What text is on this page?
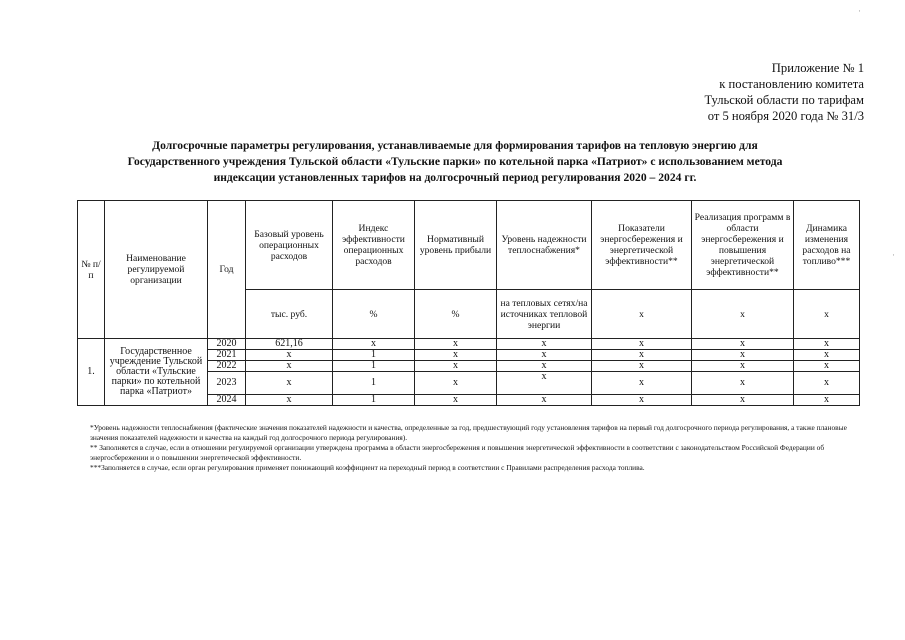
Приложение № 1
к постановлению комитета
Тульской области по тарифам
от 5 ноября 2020 года № 31/3
Долгосрочные параметры регулирования, устанавливаемые для формирования тарифов на тепловую энергию для
Государственного учреждения Тульской области «Тульские парки» по котельной парка «Патриот» с использованием метода
индексации установленных тарифов на долгосрочный период регулирования 2020 – 2024 гг.
№ п/п	Наименование регулируемой организации	Год	Базовый уровень операционных расходов	Индекс эффективности операционных расходов	Нормативный уровень прибыли	Уровень надежности теплоснабжения*	Показатели энергосбережения и энергетической эффективности**	Реализация программ в области энергосбережения и повышения энергетической эффективности**	Динамика изменения расходов на топливо***
			тыс. руб.	%	%	на тепловых сетях/на источниках тепловой энергии	x	x	x
1.	Государственное учреждение Тульской области «Тульские парки» по котельной парка «Патриот»	2020	621,16	x	x	x	x	x	x
		2021	x	1	x	x	x	x	x
		2022	x	1	x	x	x	x	x
		2023	x	1	x	x	x	x	x
		2024	x	1	x	x	x	x	x

*Уровень надежности теплоснабжения (фактические значения показателей надежности и качества, определенные за год, предшествующий году установления тарифов на первый год долгосрочного периода регулирования, а также плановые значения показателей надежности и качества на каждый год долгосрочного периода регулирования).

** Заполняется в случае, если в отношении регулируемой организации утверждена программа в области энергосбережения и повышения энергетической эффективности в соответствии с законодательством Российской Федерации об энергосбережении и о повышении энергетической эффективности.

***Заполняется в случае, если орган регулирования применяет понижающий коэффициент на переходный период в соответствии с Правилами распределения расхода топлива.

·
·
